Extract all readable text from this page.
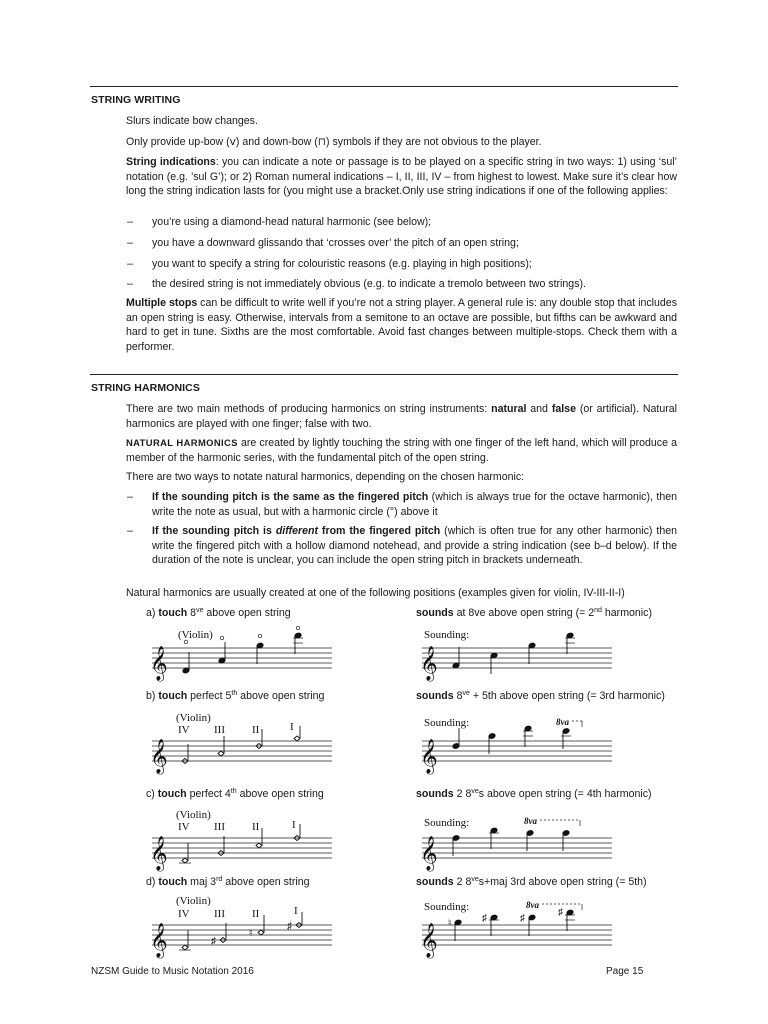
STRING WRITING
Slurs indicate bow changes.
Only provide up-bow (ⅴ) and down-bow (⊓) symbols if they are not obvious to the player.
String indications: you can indicate a note or passage is to be played on a specific string in two ways: 1) using ‘sul’ notation (e.g. ’sul G’); or 2) Roman numeral indications – I, II, III, IV – from highest to lowest. Make sure it’s clear how long the string indication lasts for (you might use a bracket.Only use string indications if one of the following applies:
– you’re using a diamond-head natural harmonic (see below);
– you have a downward glissando that ‘crosses over’ the pitch of an open string;
– you want to specify a string for colouristic reasons (e.g. playing in high positions);
– the desired string is not immediately obvious (e.g. to indicate a tremolo between two strings).
Multiple stops can be difficult to write well if you’re not a string player. A general rule is: any double stop that includes an open string is easy. Otherwise, intervals from a semitone to an octave are possible, but fifths can be awkward and hard to get in tune. Sixths are the most comfortable. Avoid fast changes between multiple-stops. Check them with a performer.
STRING HARMONICS
There are two main methods of producing harmonics on string instruments: natural and false (or artificial). Natural harmonics are played with one finger; false with two.
NATURAL HARMONICS are created by lightly touching the string with one finger of the left hand, which will produce a member of the harmonic series, with the fundamental pitch of the open string.
There are two ways to notate natural harmonics, depending on the chosen harmonic:
– If the sounding pitch is the same as the fingered pitch (which is always true for the octave harmonic), then write the note as usual, but with a harmonic circle (°) above it
– If the sounding pitch is different from the fingered pitch (which is often true for any other harmonic) then write the fingered pitch with a hollow diamond notehead, and provide a string indication (see b–d below). If the duration of the note is unclear, you can include the open string pitch in brackets underneath.
Natural harmonics are usually created at one of the following positions (examples given for violin, IV-III-II-I)
a) touch $8^{ve}$ above open string	sounds at 8ve above open string (= 2nd harmonic)
b) touch perfect 5th above open string	sounds $8^{ve} + 5th$ above open string (= 3rd harmonic)
c) touch perfect 4th above open string	sounds 2 $8^{ve}s$ above open string (= 4th harmonic)
d) touch maj 3rd above open string	sounds 2 $8^{ve}s+maj$ 3rd above open string (= 5th)
(Violin)
𝄞
Sounding:
𝄞
(Violin)
IV III II	I
𝄞
Sounding:	8va
𝄞
(Violin)
IV III II	I
𝄞
Sounding:	8va
𝄞
(Violin)
IV III II	I
𝄞	♯
♮
♯
Sounding:	8va
𝄞
♮	♯	♯
♯
NZSM Guide to Music Notation 2016	Page 15
